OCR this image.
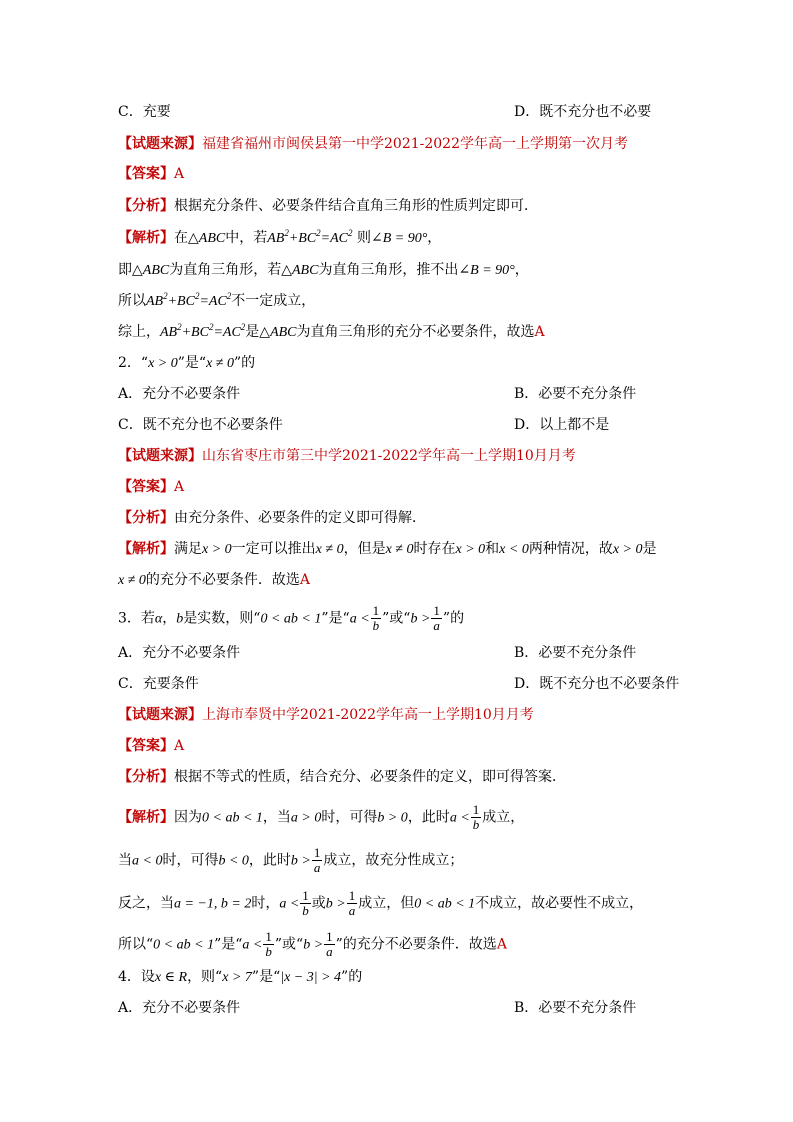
C．充要	D．既不充分也不必要
【试题来源】福建省福州市闽侯县第一中学2021-2022学年高一上学期第一次月考
【答案】A
【分析】根据充分条件、必要条件结合直角三角形的性质判定即可．
【解析】在△ABC中，若$AB^2+BC^2=AC^2$ 则∠B = 90°，
即△ABC为直角三角形，若△ABC为直角三角形，推不出∠B = 90°，
所以$AB^2+BC^2=AC^2$不一定成立，
综上，$AB^2+BC^2=AC^2$是△ABC为直角三角形的充分不必要条件，故选A
2．“x > 0”是“x ≠ 0”的
A．充分不必要条件	B．必要不充分条件
C．既不充分也不必要条件	D．以上都不是
【试题来源】山东省枣庄市第三中学2021-2022学年高一上学期10月月考
【答案】A
【分析】由充分条件、必要条件的定义即可得解．
【解析】满足x > 0一定可以推出x ≠ 0，但是x ≠ 0时存在x > 0和x < 0两种情况，故x > 0是
x ≠ 0的充分不必要条件．故选A
3．若α，b是实数，则“0 < ab < 1”是“$a < \frac{1}{b}$ ”或“$b > \frac{1}{a}$ ”的
A．充分不必要条件	B．必要不充分条件
C．充要条件	D．既不充分也不必要条件
【试题来源】上海市奉贤中学2021-2022学年高一上学期10月月考
【答案】A
【分析】根据不等式的性质，结合充分、必要条件的定义，即可得答案．
【解析】因为0 < ab < 1，当a > 0时，可得b > 0，此时$a < \frac{1}{b}$ 成立，
当a < 0时，可得b < 0，此时$b > \frac{1}{a}$ 成立，故充分性成立；
反之，当a = −1, b = 2时，$a < \frac{1}{b}$ 或$b > \frac{1}{a}$ 成立，但0 < ab < 1不成立，故必要性不成立，
所以“0 < ab < 1”是“$a < \frac{1}{b}$ ”或“$b > \frac{1}{a}$ ”的充分不必要条件．故选A
4．设x ∈ R，则“x > 7”是“|x − 3| > 4”的
A．充分不必要条件	B．必要不充分条件
